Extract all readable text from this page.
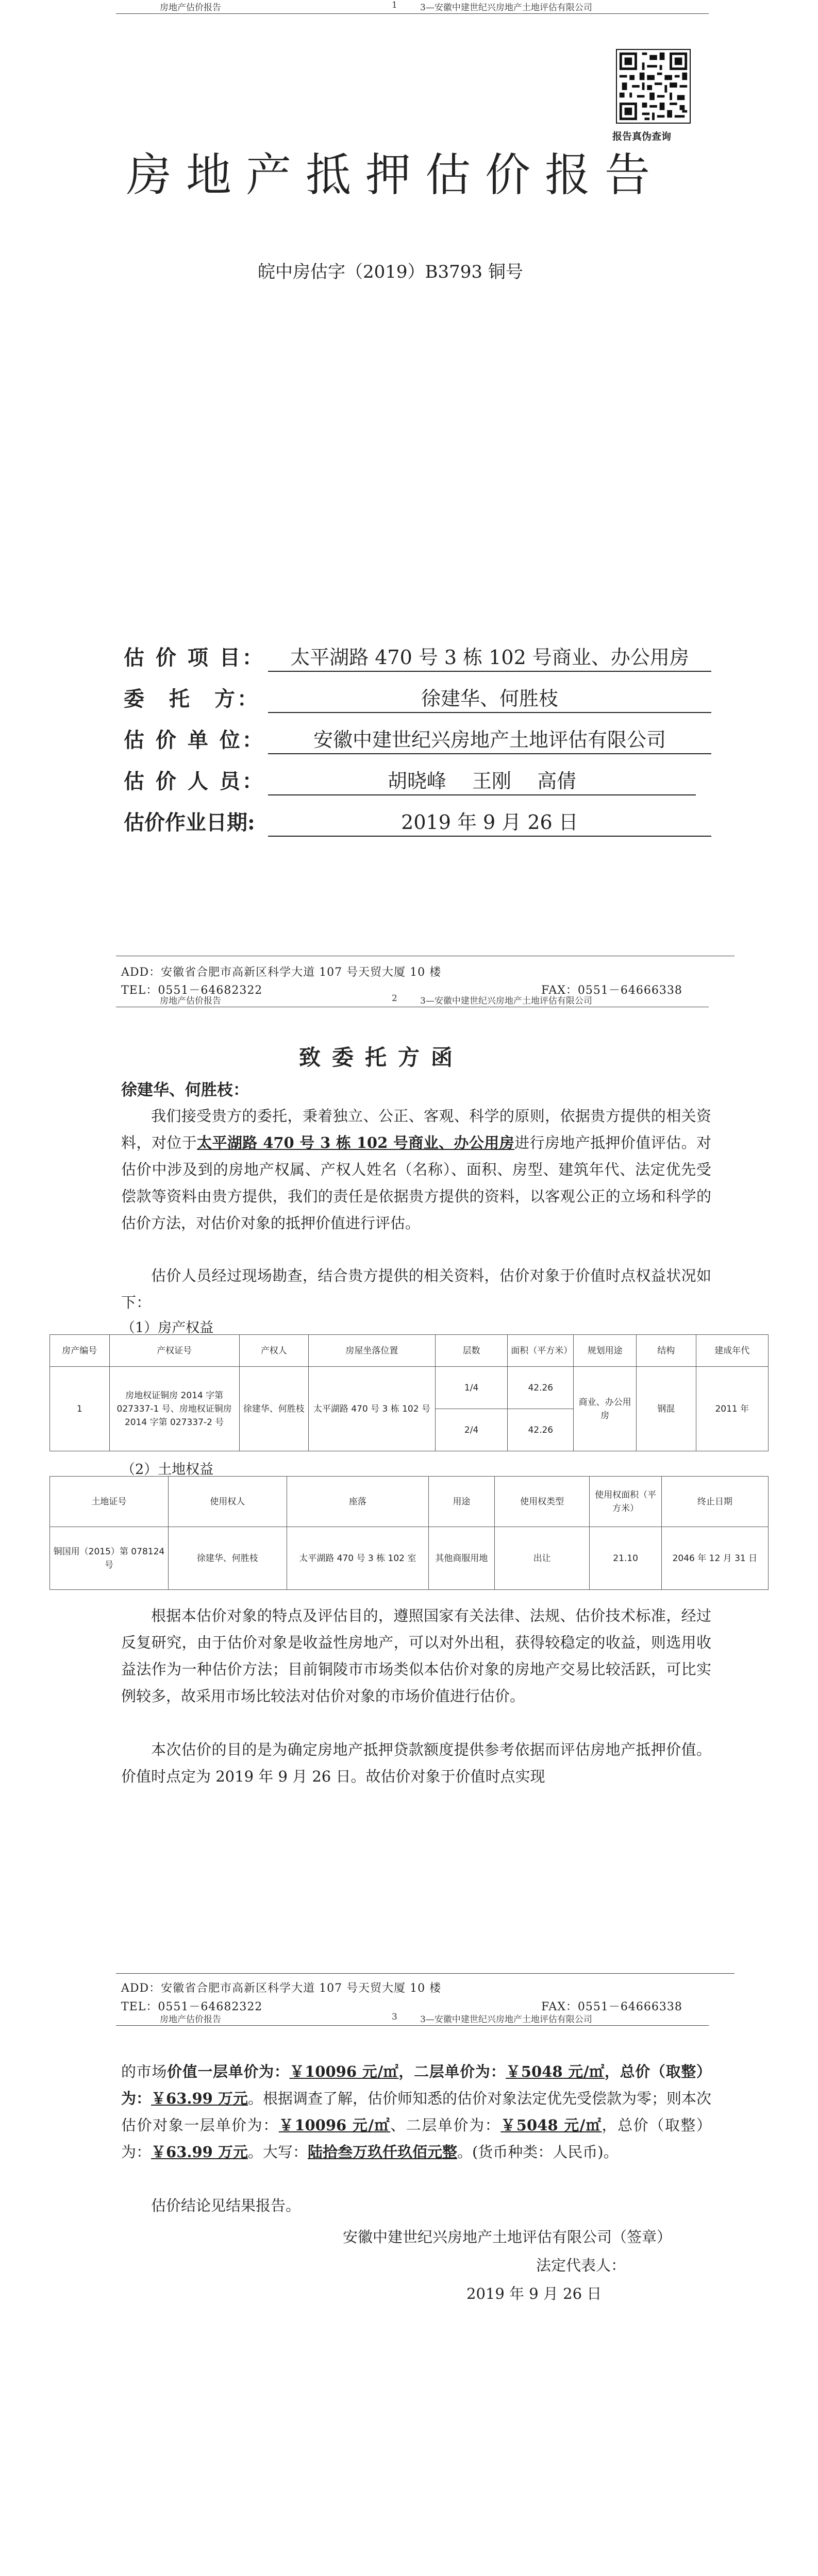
房地产估价报告	1	3—安徽中建世纪兴房地产土地评估有限公司
报告真伪查询
房地产抵押估价报告
皖中房估字（2019）B3793 铜号
估 价 项 目：	太平湖路 470 号 3 栋 102 号商业、办公用房
委　托　方：	徐建华、何胜枝
估 价 单 位：	安徽中建世纪兴房地产土地评估有限公司
估 价 人 员：	胡晓峰　 王刚　 高倩
估价作业日期:	2019 年 9 月 26 日
ADD：安徽省合肥市高新区科学大道 107 号天贸大厦 10 楼
TEL：0551－64682322	FAX：0551－64666338
房地产估价报告	2	3—安徽中建世纪兴房地产土地评估有限公司
致委托方函
徐建华、何胜枝：
我们接受贵方的委托，秉着独立、公正、客观、科学的原则，依据贵方提供的相关资料，对位于太平湖路 470 号 3 栋 102 号商业、办公用房进行房地产抵押价值评估。对估价中涉及到的房地产权属、产权人姓名（名称）、面积、房型、建筑年代、法定优先受偿款等资料由贵方提供，我们的责任是依据贵方提供的资料，以客观公正的立场和科学的估价方法，对估价对象的抵押价值进行评估。
估价人员经过现场勘查，结合贵方提供的相关资料，估价对象于价值时点权益状况如下：
（1）房产权益
房产编号	产权证号	产权人	房屋坐落位置	层数	面积（平方米）	规划用途	结构	建成年代
1	房地权证铜房 2014 字第 027337-1 号、房地权证铜房 2014 字第 027337-2 号	徐建华、何胜枝	太平湖路 470 号 3 栋 102 号	1/4	42.26	商业、办公用房	钢混	2011 年
				2/4	42.26			
（2）土地权益
土地证号	使用权人	座落	用途	使用权类型	使用权面积（平方米）	终止日期
铜国用（2015）第 078124 号	徐建华、何胜枝	太平湖路 470 号 3 栋 102 室	其他商服用地	出让	21.10	2046 年 12 月 31 日
根据本估价对象的特点及评估目的，遵照国家有关法律、法规、估价技术标准，经过反复研究，由于估价对象是收益性房地产，可以对外出租，获得较稳定的收益，则选用收益法作为一种估价方法；目前铜陵市市场类似本估价对象的房地产交易比较活跃，可比实例较多，故采用市场比较法对估价对象的市场价值进行估价。
本次估价的目的是为确定房地产抵押贷款额度提供参考依据而评估房地产抵押价值。价值时点定为 2019 年 9 月 26 日。故估价对象于价值时点实现
ADD：安徽省合肥市高新区科学大道 107 号天贸大厦 10 楼
TEL：0551－64682322	FAX：0551－64666338
房地产估价报告	3	3—安徽中建世纪兴房地产土地评估有限公司
的市场价值一层单价为：￥10096 元/㎡，二层单价为：￥5048 元/㎡，总价（取整）为：￥63.99 万元。根据调查了解，估价师知悉的估价对象法定优先受偿款为零；则本次估价对象一层单价为：￥10096 元/㎡、二层单价为：￥5048 元/㎡，总价（取整）为：￥63.99 万元。大写：陆拾叁万玖仟玖佰元整。(货币种类：人民币)。
估价结论见结果报告。
安徽中建世纪兴房地产土地评估有限公司（签章）
法定代表人：
2019 年 9 月 26 日
